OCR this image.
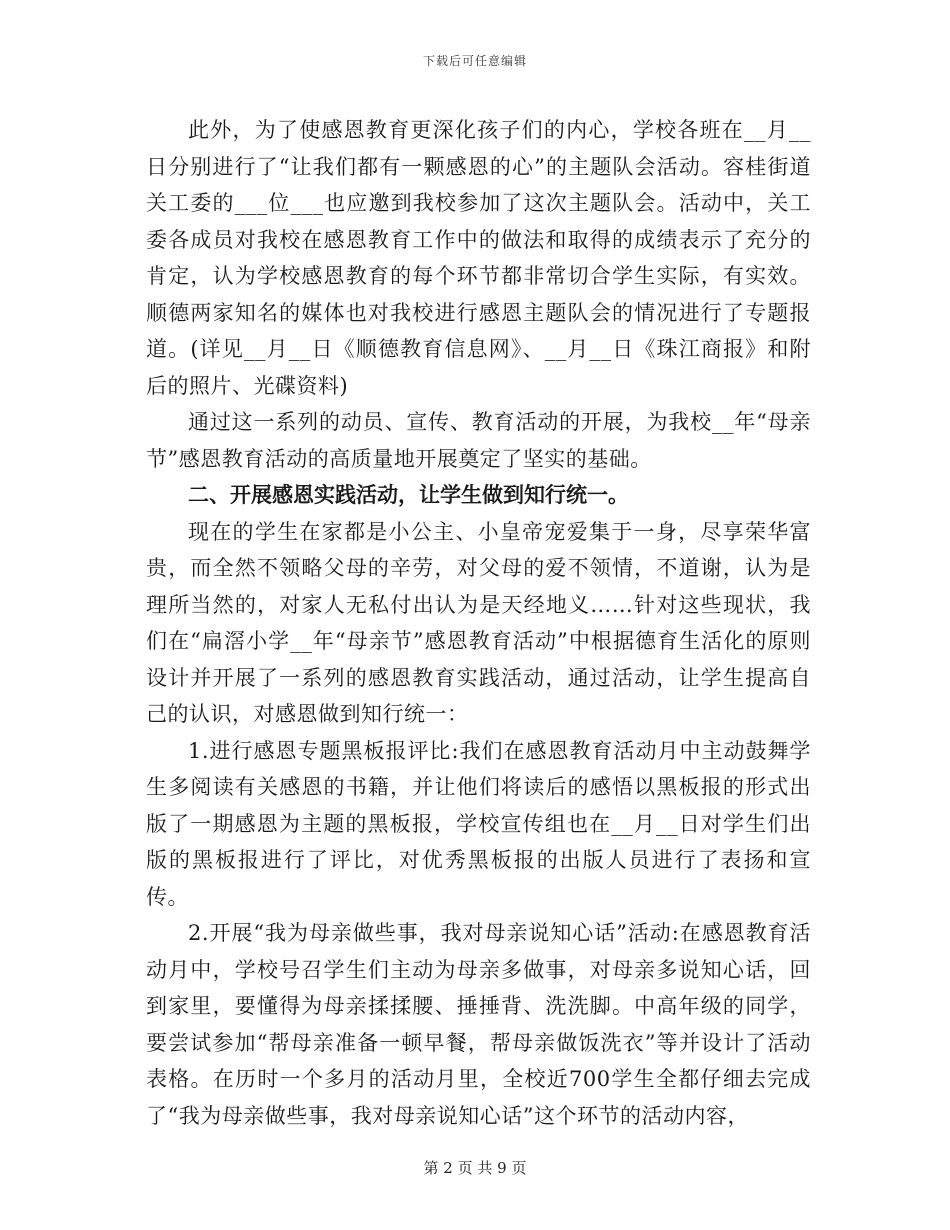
下载后可任意编辑

此外，为了使感恩教育更深化孩子们的内心，学校各班在__月__日分别进行了“让我们都有一颗感恩的心”的主题队会活动。容桂街道关工委的___位___也应邀到我校参加了这次主题队会。活动中，关工委各成员对我校在感恩教育工作中的做法和取得的成绩表示了充分的肯定，认为学校感恩教育的每个环节都非常切合学生实际，有实效。顺德两家知名的媒体也对我校进行感恩主题队会的情况进行了专题报道。(详见__月__日《顺德教育信息网》、__月__日《珠江商报》和附后的照片、光碟资料)

通过这一系列的动员、宣传、教育活动的开展，为我校__年“母亲节”感恩教育活动的高质量地开展奠定了坚实的基础。

二、开展感恩实践活动，让学生做到知行统一。

现在的学生在家都是小公主、小皇帝宠爱集于一身，尽享荣华富贵，而全然不领略父母的辛劳，对父母的爱不领情，不道谢，认为是理所当然的，对家人无私付出认为是天经地义……针对这些现状，我们在“扁滘小学__年“母亲节”感恩教育活动”中根据德育生活化的原则设计并开展了一系列的感恩教育实践活动，通过活动，让学生提高自己的认识，对感恩做到知行统一：

1.进行感恩专题黑板报评比:我们在感恩教育活动月中主动鼓舞学生多阅读有关感恩的书籍，并让他们将读后的感悟以黑板报的形式出版了一期感恩为主题的黑板报，学校宣传组也在__月__日对学生们出版的黑板报进行了评比，对优秀黑板报的出版人员进行了表扬和宣传。

2.开展“我为母亲做些事，我对母亲说知心话”活动:在感恩教育活动月中，学校号召学生们主动为母亲多做事，对母亲多说知心话，回到家里，要懂得为母亲揉揉腰、捶捶背、洗洗脚。中高年级的同学，要尝试参加“帮母亲准备一顿早餐，帮母亲做饭洗衣”等并设计了活动表格。在历时一个多月的活动月里，全校近700学生全都仔细去完成了“我为母亲做些事，我对母亲说知心话”这个环节的活动内容，

第 2 页 共 9 页
